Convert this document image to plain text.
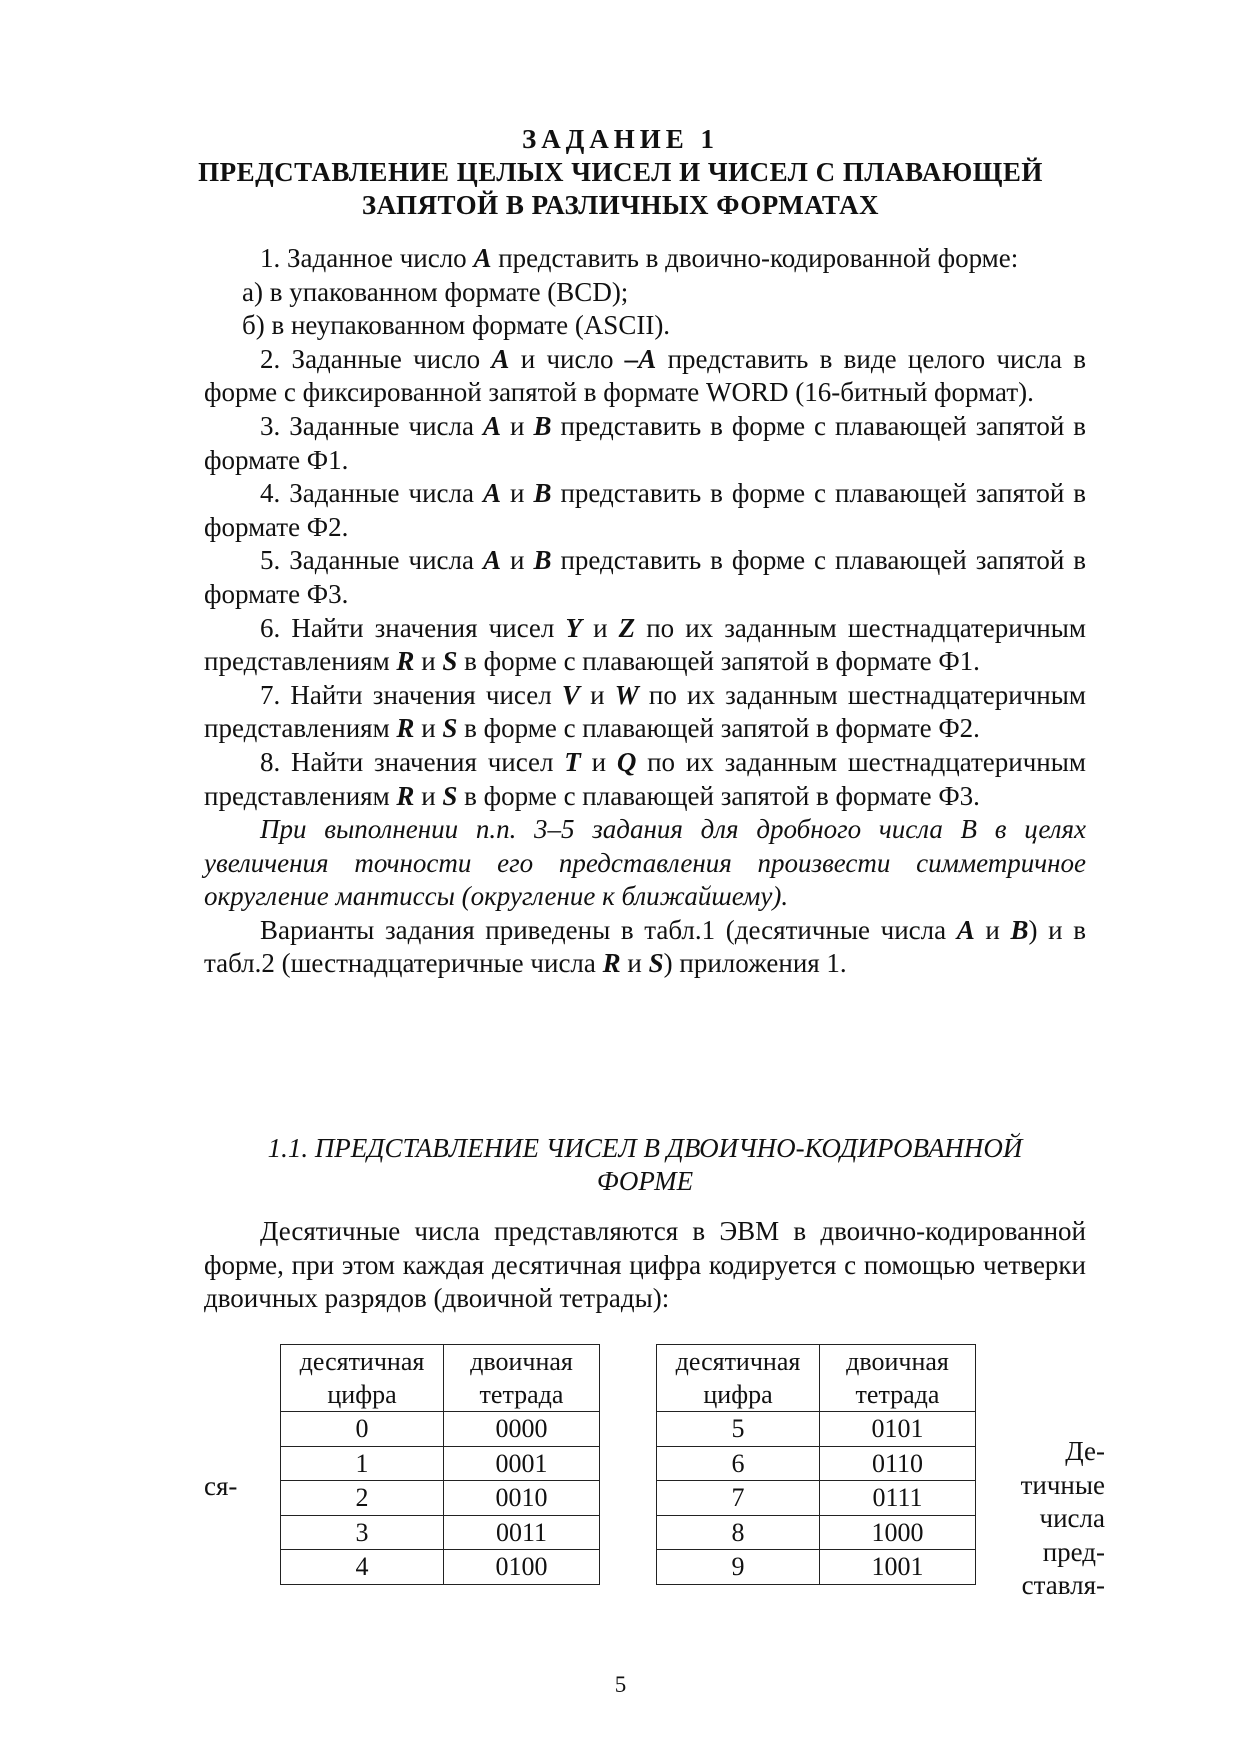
ЗАДАНИЕ 1
ПРЕДСТАВЛЕНИЕ ЦЕЛЫХ ЧИСЕЛ И ЧИСЕЛ С ПЛАВАЮЩЕЙ
ЗАПЯТОЙ В РАЗЛИЧНЫХ ФОРМАТАХ

1. Заданное число A представить в двоично-кодированной форме:

а) в упакованном формате (BCD);

б) в неупакованном формате (ASCII).

2. Заданные число A и число –A представить в виде целого числа в форме с фиксированной запятой в формате WORD (16-битный формат).

3. Заданные числа A и B представить в форме с плавающей запятой в формате Ф1.

4. Заданные числа A и B представить в форме с плавающей запятой в формате Ф2.

5. Заданные числа A и B представить в форме с плавающей запятой в формате Ф3.

6. Найти значения чисел Y и Z по их заданным шестнадцатеричным представлениям R и S в форме с плавающей запятой в формате Ф1.

7. Найти значения чисел V и W по их заданным шестнадцатеричным представлениям R и S в форме с плавающей запятой в формате Ф2.

8. Найти значения чисел T и Q по их заданным шестнадцатеричным представлениям R и S в форме с плавающей запятой в формате Ф3.

При выполнении п.п. 3–5 задания для дробного числа B в целях увеличения точности его представления произвести симметричное округление мантиссы (округление к ближайшему).

Варианты задания приведены в табл.1 (десятичные числа A и B) и в табл.2 (шестнадцатеричные числа R и S) приложения 1.

1.1. ПРЕДСТАВЛЕНИЕ ЧИСЕЛ В ДВОИЧНО-КОДИРОВАННОЙ
ФОРМЕ

Десятичные числа представляются в ЭВМ в двоично-кодированной форме, при этом каждая десятичная цифра кодируется с помощью четверки двоичных разрядов (двоичной тетрады):

десятичная цифра	двоичная тетрада
0	0000
1	0001
2	0010
3	0011
4	0100
десятичная цифра	двоичная тетрада
5	0101
6	0110
7	0111
8	1000
9	1001
ся-
Де-
тичные
числа
пред-
ставля-
5
